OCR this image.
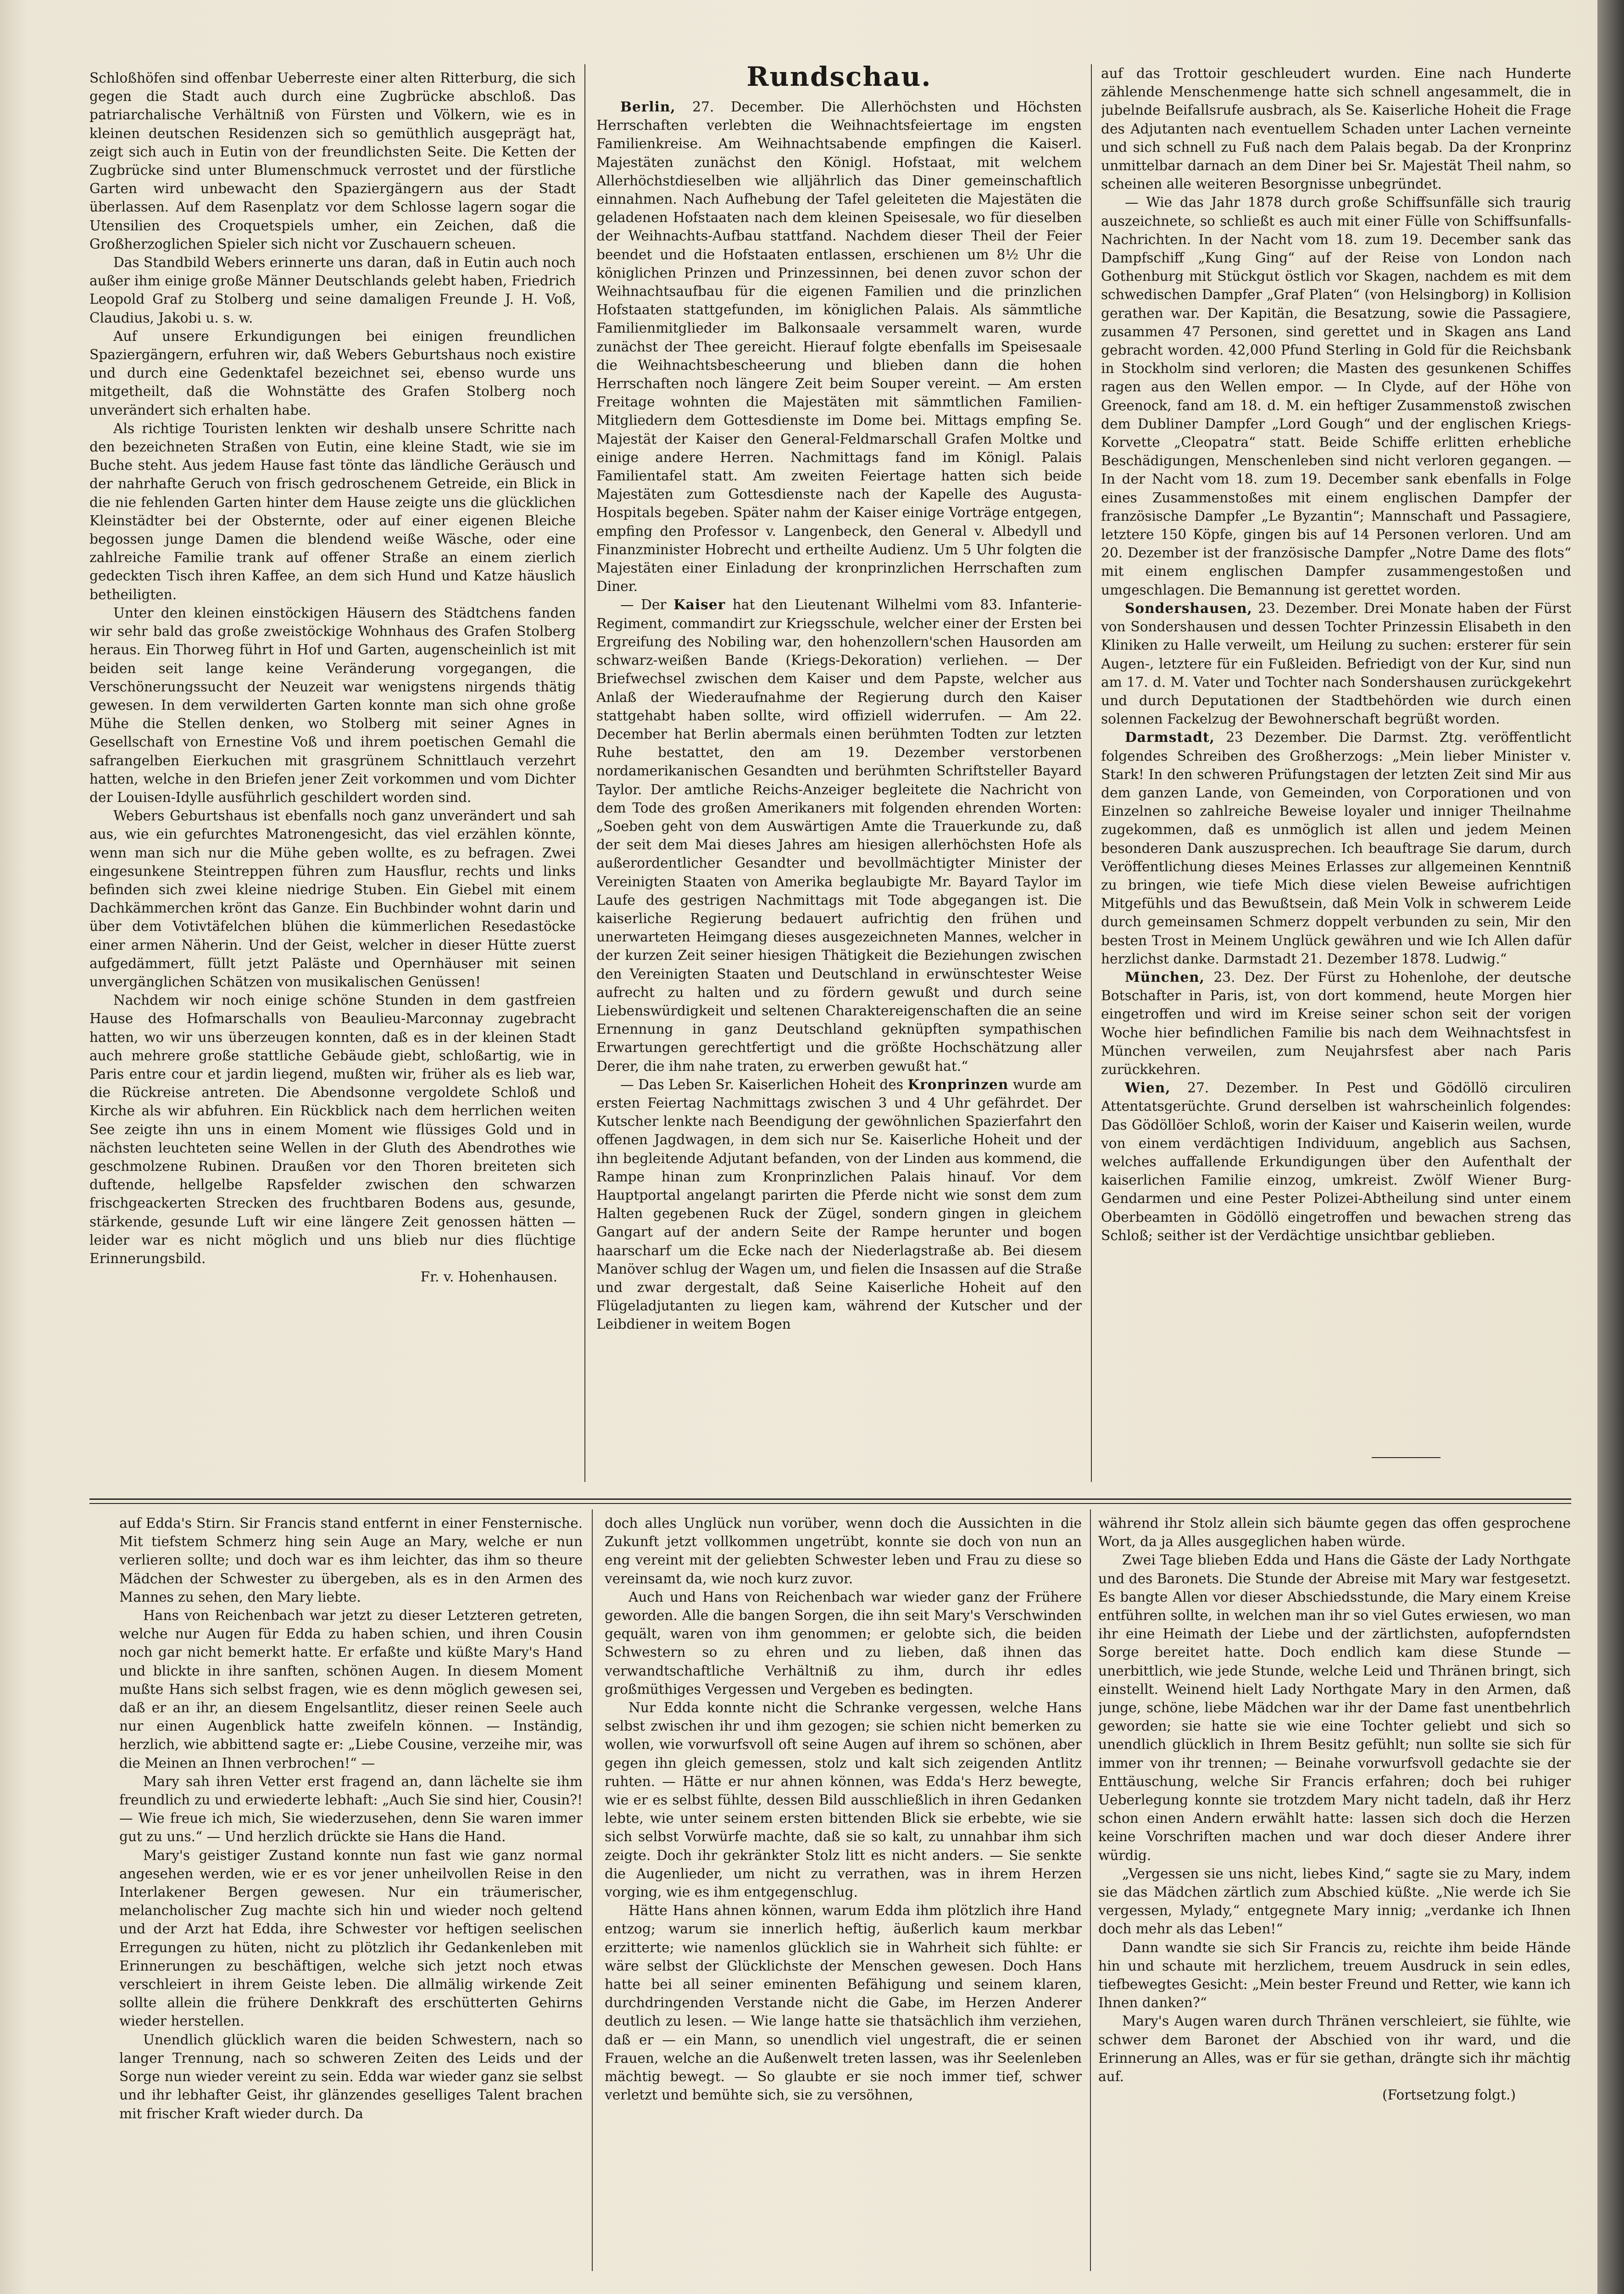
Schloßhöfen sind offenbar Ueberreste einer alten Ritterburg, die sich gegen die Stadt auch durch eine Zugbrücke abschloß. Das patriarchalische Verhältniß von Fürsten und Völkern, wie es in kleinen deutschen Residenzen sich so gemüthlich ausgeprägt hat, zeigt sich auch in Eutin von der freundlichsten Seite. Die Ketten der Zugbrücke sind unter Blumenschmuck verrostet und der fürstliche Garten wird unbewacht den Spaziergängern aus der Stadt überlassen. Auf dem Rasenplatz vor dem Schlosse lagern sogar die Utensilien des Croquetspiels umher, ein Zeichen, daß die Großherzoglichen Spieler sich nicht vor Zuschauern scheuen.

Das Standbild Webers erinnerte uns daran, daß in Eutin auch noch außer ihm einige große Männer Deutschlands gelebt haben, Friedrich Leopold Graf zu Stolberg und seine damaligen Freunde J. H. Voß, Claudius, Jakobi u. s. w.

Auf unsere Erkundigungen bei einigen freundlichen Spaziergängern, erfuhren wir, daß Webers Geburtshaus noch existire und durch eine Gedenktafel bezeichnet sei, ebenso wurde uns mitgetheilt, daß die Wohnstätte des Grafen Stolberg noch unverändert sich erhalten habe.

Als richtige Touristen lenkten wir deshalb unsere Schritte nach den bezeichneten Straßen von Eutin, eine kleine Stadt, wie sie im Buche steht. Aus jedem Hause fast tönte das ländliche Geräusch und der nahrhafte Geruch von frisch gedroschenem Getreide, ein Blick in die nie fehlenden Garten hinter dem Hause zeigte uns die glücklichen Kleinstädter bei der Obsternte, oder auf einer eigenen Bleiche begossen junge Damen die blendend weiße Wäsche, oder eine zahlreiche Familie trank auf offener Straße an einem zierlich gedeckten Tisch ihren Kaffee, an dem sich Hund und Katze häuslich betheiligten.

Unter den kleinen einstöckigen Häusern des Städtchens fanden wir sehr bald das große zweistöckige Wohnhaus des Grafen Stolberg heraus. Ein Thorweg führt in Hof und Garten, augenscheinlich ist mit beiden seit lange keine Veränderung vorgegangen, die Verschönerungssucht der Neuzeit war wenigstens nirgends thätig gewesen. In dem verwilderten Garten konnte man sich ohne große Mühe die Stellen denken, wo Stolberg mit seiner Agnes in Gesellschaft von Ernestine Voß und ihrem poetischen Gemahl die safrangelben Eierkuchen mit grasgrünem Schnittlauch verzehrt hatten, welche in den Briefen jener Zeit vorkommen und vom Dichter der Louisen-Idylle ausführlich geschildert worden sind.

Webers Geburtshaus ist ebenfalls noch ganz unverändert und sah aus, wie ein gefurchtes Matronengesicht, das viel erzählen könnte, wenn man sich nur die Mühe geben wollte, es zu befragen. Zwei eingesunkene Steintreppen führen zum Hausflur, rechts und links befinden sich zwei kleine niedrige Stuben. Ein Giebel mit einem Dachkämmerchen krönt das Ganze. Ein Buchbinder wohnt darin und über dem Votivtäfelchen blühen die kümmerlichen Resedastöcke einer armen Näherin. Und der Geist, welcher in dieser Hütte zuerst aufgedämmert, füllt jetzt Paläste und Opernhäuser mit seinen unvergänglichen Schätzen von musikalischen Genüssen!

Nachdem wir noch einige schöne Stunden in dem gastfreien Hause des Hofmarschalls von Beaulieu-Marconnay zugebracht hatten, wo wir uns überzeugen konnten, daß es in der kleinen Stadt auch mehrere große stattliche Gebäude giebt, schloßartig, wie in Paris entre cour et jardin liegend, mußten wir, früher als es lieb war, die Rückreise antreten. Die Abendsonne vergoldete Schloß und Kirche als wir abfuhren. Ein Rückblick nach dem herrlichen weiten See zeigte ihn uns in einem Moment wie flüssiges Gold und in nächsten leuchteten seine Wellen in der Gluth des Abendrothes wie geschmolzene Rubinen. Draußen vor den Thoren breiteten sich duftende, hellgelbe Rapsfelder zwischen den schwarzen frischgeackerten Strecken des fruchtbaren Bodens aus, gesunde, stärkende, gesunde Luft wir eine längere Zeit genossen hätten — leider war es nicht möglich und uns blieb nur dies flüchtige Erinnerungsbild.

Fr. v. Hohenhausen.

Rundschau.

Berlin, 27. December. Die Allerhöchsten und Höchsten Herrschaften verlebten die Weihnachtsfeiertage im engsten Familienkreise. Am Weihnachtsabende empfingen die Kaiserl. Majestäten zunächst den Königl. Hofstaat, mit welchem Allerhöchstdieselben wie alljährlich das Diner gemeinschaftlich einnahmen. Nach Aufhebung der Tafel geleiteten die Majestäten die geladenen Hofstaaten nach dem kleinen Speisesale, wo für dieselben der Weihnachts-Aufbau stattfand. Nachdem dieser Theil der Feier beendet und die Hofstaaten entlassen, erschienen um 8½ Uhr die königlichen Prinzen und Prinzessinnen, bei denen zuvor schon der Weihnachtsaufbau für die eigenen Familien und die prinzlichen Hofstaaten stattgefunden, im königlichen Palais. Als sämmtliche Familienmitglieder im Balkonsaale versammelt waren, wurde zunächst der Thee gereicht. Hierauf folgte ebenfalls im Speisesaale die Weihnachtsbescheerung und blieben dann die hohen Herrschaften noch längere Zeit beim Souper vereint. — Am ersten Freitage wohnten die Majestäten mit sämmtlichen Familien-Mitgliedern dem Gottesdienste im Dome bei. Mittags empfing Se. Majestät der Kaiser den General-Feldmarschall Grafen Moltke und einige andere Herren. Nachmittags fand im Königl. Palais Familientafel statt. Am zweiten Feiertage hatten sich beide Majestäten zum Gottesdienste nach der Kapelle des Augusta-Hospitals begeben. Später nahm der Kaiser einige Vorträge entgegen, empfing den Professor v. Langenbeck, den General v. Albedyll und Finanzminister Hobrecht und ertheilte Audienz. Um 5 Uhr folgten die Majestäten einer Einladung der kronprinzlichen Herrschaften zum Diner.

— Der Kaiser hat den Lieutenant Wilhelmi vom 83. Infanterie-Regiment, commandirt zur Kriegsschule, welcher einer der Ersten bei Ergreifung des Nobiling war, den hohenzollern'schen Hausorden am schwarz-weißen Bande (Kriegs-Dekoration) verliehen. — Der Briefwechsel zwischen dem Kaiser und dem Papste, welcher aus Anlaß der Wiederaufnahme der Regierung durch den Kaiser stattgehabt haben sollte, wird offiziell widerrufen. — Am 22. December hat Berlin abermals einen berühmten Todten zur letzten Ruhe bestattet, den am 19. Dezember verstorbenen nordamerikanischen Gesandten und berühmten Schriftsteller Bayard Taylor. Der amtliche Reichs-Anzeiger begleitete die Nachricht von dem Tode des großen Amerikaners mit folgenden ehrenden Worten: „Soeben geht von dem Auswärtigen Amte die Trauerkunde zu, daß der seit dem Mai dieses Jahres am hiesigen allerhöchsten Hofe als außerordentlicher Gesandter und bevollmächtigter Minister der Vereinigten Staaten von Amerika beglaubigte Mr. Bayard Taylor im Laufe des gestrigen Nachmittags mit Tode abgegangen ist. Die kaiserliche Regierung bedauert aufrichtig den frühen und unerwarteten Heimgang dieses ausgezeichneten Mannes, welcher in der kurzen Zeit seiner hiesigen Thätigkeit die Beziehungen zwischen den Vereinigten Staaten und Deutschland in erwünschtester Weise aufrecht zu halten und zu fördern gewußt und durch seine Liebenswürdigkeit und seltenen Charaktereigenschaften die an seine Ernennung in ganz Deutschland geknüpften sympathischen Erwartungen gerechtfertigt und die größte Hochschätzung aller Derer, die ihm nahe traten, zu erwerben gewußt hat.“

— Das Leben Sr. Kaiserlichen Hoheit des Kronprinzen wurde am ersten Feiertag Nachmittags zwischen 3 und 4 Uhr gefährdet. Der Kutscher lenkte nach Beendigung der gewöhnlichen Spazierfahrt den offenen Jagdwagen, in dem sich nur Se. Kaiserliche Hoheit und der ihn begleitende Adjutant befanden, von der Linden aus kommend, die Rampe hinan zum Kronprinzlichen Palais hinauf. Vor dem Hauptportal angelangt parirten die Pferde nicht wie sonst dem zum Halten gegebenen Ruck der Zügel, sondern gingen in gleichem Gangart auf der andern Seite der Rampe herunter und bogen haarscharf um die Ecke nach der Niederlagstraße ab. Bei diesem Manöver schlug der Wagen um, und fielen die Insassen auf die Straße und zwar dergestalt, daß Seine Kaiserliche Hoheit auf den Flügeladjutanten zu liegen kam, während der Kutscher und der Leibdiener in weitem Bogen

auf das Trottoir geschleudert wurden. Eine nach Hunderte zählende Menschenmenge hatte sich schnell angesammelt, die in jubelnde Beifallsrufe ausbrach, als Se. Kaiserliche Hoheit die Frage des Adjutanten nach eventuellem Schaden unter Lachen verneinte und sich schnell zu Fuß nach dem Palais begab. Da der Kronprinz unmittelbar darnach an dem Diner bei Sr. Majestät Theil nahm, so scheinen alle weiteren Besorgnisse unbegründet.

— Wie das Jahr 1878 durch große Schiffsunfälle sich traurig auszeichnete, so schließt es auch mit einer Fülle von Schiffsunfalls-Nachrichten. In der Nacht vom 18. zum 19. December sank das Dampfschiff „Kung Ging“ auf der Reise von London nach Gothenburg mit Stückgut östlich vor Skagen, nachdem es mit dem schwedischen Dampfer „Graf Platen“ (von Helsingborg) in Kollision gerathen war. Der Kapitän, die Besatzung, sowie die Passagiere, zusammen 47 Personen, sind gerettet und in Skagen ans Land gebracht worden. 42,000 Pfund Sterling in Gold für die Reichsbank in Stockholm sind verloren; die Masten des gesunkenen Schiffes ragen aus den Wellen empor. — In Clyde, auf der Höhe von Greenock, fand am 18. d. M. ein heftiger Zusammenstoß zwischen dem Dubliner Dampfer „Lord Gough“ und der englischen Kriegs-Korvette „Cleopatra“ statt. Beide Schiffe erlitten erhebliche Beschädigungen, Menschenleben sind nicht verloren gegangen. — In der Nacht vom 18. zum 19. December sank ebenfalls in Folge eines Zusammenstoßes mit einem englischen Dampfer der französische Dampfer „Le Byzantin“; Mannschaft und Passagiere, letztere 150 Köpfe, gingen bis auf 14 Personen verloren. Und am 20. Dezember ist der französische Dampfer „Notre Dame des flots“ mit einem englischen Dampfer zusammengestoßen und umgeschlagen. Die Bemannung ist gerettet worden.

Sondershausen, 23. Dezember. Drei Monate haben der Fürst von Sondershausen und dessen Tochter Prinzessin Elisabeth in den Kliniken zu Halle verweilt, um Heilung zu suchen: ersterer für sein Augen-, letztere für ein Fußleiden. Befriedigt von der Kur, sind nun am 17. d. M. Vater und Tochter nach Sondershausen zurückgekehrt und durch Deputationen der Stadtbehörden wie durch einen solennen Fackelzug der Bewohnerschaft begrüßt worden.

Darmstadt, 23 Dezember. Die Darmst. Ztg. veröffentlicht folgendes Schreiben des Großherzogs: „Mein lieber Minister v. Stark! In den schweren Prüfungstagen der letzten Zeit sind Mir aus dem ganzen Lande, von Gemeinden, von Corporationen und von Einzelnen so zahlreiche Beweise loyaler und inniger Theilnahme zugekommen, daß es unmöglich ist allen und jedem Meinen besonderen Dank auszusprechen. Ich beauftrage Sie darum, durch Veröffentlichung dieses Meines Erlasses zur allgemeinen Kenntniß zu bringen, wie tiefe Mich diese vielen Beweise aufrichtigen Mitgefühls und das Bewußtsein, daß Mein Volk in schwerem Leide durch gemeinsamen Schmerz doppelt verbunden zu sein, Mir den besten Trost in Meinem Unglück gewähren und wie Ich Allen dafür herzlichst danke. Darmstadt 21. Dezember 1878. Ludwig.“

München, 23. Dez. Der Fürst zu Hohenlohe, der deutsche Botschafter in Paris, ist, von dort kommend, heute Morgen hier eingetroffen und wird im Kreise seiner schon seit der vorigen Woche hier befindlichen Familie bis nach dem Weihnachtsfest in München verweilen, zum Neujahrsfest aber nach Paris zurückkehren.

Wien, 27. Dezember. In Pest und Gödöllö circuliren Attentatsgerüchte. Grund derselben ist wahrscheinlich folgendes: Das Gödöllöer Schloß, worin der Kaiser und Kaiserin weilen, wurde von einem verdächtigen Individuum, angeblich aus Sachsen, welches auffallende Erkundigungen über den Aufenthalt der kaiserlichen Familie einzog, umkreist. Zwölf Wiener Burg-Gendarmen und eine Pester Polizei-Abtheilung sind unter einem Oberbeamten in Gödöllö eingetroffen und bewachen streng das Schloß; seither ist der Verdächtige unsichtbar geblieben.

auf Edda's Stirn. Sir Francis stand entfernt in einer Fensternische. Mit tiefstem Schmerz hing sein Auge an Mary, welche er nun verlieren sollte; und doch war es ihm leichter, das ihm so theure Mädchen der Schwester zu übergeben, als es in den Armen des Mannes zu sehen, den Mary liebte.

Hans von Reichenbach war jetzt zu dieser Letzteren getreten, welche nur Augen für Edda zu haben schien, und ihren Cousin noch gar nicht bemerkt hatte. Er erfaßte und küßte Mary's Hand und blickte in ihre sanften, schönen Augen. In diesem Moment mußte Hans sich selbst fragen, wie es denn möglich gewesen sei, daß er an ihr, an diesem Engelsantlitz, dieser reinen Seele auch nur einen Augenblick hatte zweifeln können. — Inständig, herzlich, wie abbittend sagte er: „Liebe Cousine, verzeihe mir, was die Meinen an Ihnen verbrochen!“ —

Mary sah ihren Vetter erst fragend an, dann lächelte sie ihm freundlich zu und erwiederte lebhaft: „Auch Sie sind hier, Cousin?! — Wie freue ich mich, Sie wiederzusehen, denn Sie waren immer gut zu uns.“ — Und herzlich drückte sie Hans die Hand.

Mary's geistiger Zustand konnte nun fast wie ganz normal angesehen werden, wie er es vor jener unheilvollen Reise in den Interlakener Bergen gewesen. Nur ein träumerischer, melancholischer Zug machte sich hin und wieder noch geltend und der Arzt hat Edda, ihre Schwester vor heftigen seelischen Erregungen zu hüten, nicht zu plötzlich ihr Gedankenleben mit Erinnerungen zu beschäftigen, welche sich jetzt noch etwas verschleiert in ihrem Geiste leben. Die allmälig wirkende Zeit sollte allein die frühere Denkkraft des erschütterten Gehirns wieder herstellen.

Unendlich glücklich waren die beiden Schwestern, nach so langer Trennung, nach so schweren Zeiten des Leids und der Sorge nun wieder vereint zu sein. Edda war wieder ganz sie selbst und ihr lebhafter Geist, ihr glänzendes geselliges Talent brachen mit frischer Kraft wieder durch. Da

doch alles Unglück nun vorüber, wenn doch die Aussichten in die Zukunft jetzt vollkommen ungetrübt, konnte sie doch von nun an eng vereint mit der geliebten Schwester leben und Frau zu diese so vereinsamt da, wie noch kurz zuvor.

Auch und Hans von Reichenbach war wieder ganz der Frühere geworden. Alle die bangen Sorgen, die ihn seit Mary's Verschwinden gequält, waren von ihm genommen; er gelobte sich, die beiden Schwestern so zu ehren und zu lieben, daß ihnen das verwandtschaftliche Verhältniß zu ihm, durch ihr edles großmüthiges Vergessen und Vergeben es bedingten.

Nur Edda konnte nicht die Schranke vergessen, welche Hans selbst zwischen ihr und ihm gezogen; sie schien nicht bemerken zu wollen, wie vorwurfsvoll oft seine Augen auf ihrem so schönen, aber gegen ihn gleich gemessen, stolz und kalt sich zeigenden Antlitz ruhten. — Hätte er nur ahnen können, was Edda's Herz bewegte, wie er es selbst fühlte, dessen Bild ausschließlich in ihren Gedanken lebte, wie unter seinem ersten bittenden Blick sie erbebte, wie sie sich selbst Vorwürfe machte, daß sie so kalt, zu unnahbar ihm sich zeigte. Doch ihr gekränkter Stolz litt es nicht anders. — Sie senkte die Augenlieder, um nicht zu verrathen, was in ihrem Herzen vorging, wie es ihm entgegenschlug.

Hätte Hans ahnen können, warum Edda ihm plötzlich ihre Hand entzog; warum sie innerlich heftig, äußerlich kaum merkbar erzitterte; wie namenlos glücklich sie in Wahrheit sich fühlte: er wäre selbst der Glücklichste der Menschen gewesen. Doch Hans hatte bei all seiner eminenten Befähigung und seinem klaren, durchdringenden Verstande nicht die Gabe, im Herzen Anderer deutlich zu lesen. — Wie lange hatte sie thatsächlich ihm verziehen, daß er — ein Mann, so unendlich viel ungestraft, die er seinen Frauen, welche an die Außenwelt treten lassen, was ihr Seelenleben mächtig bewegt. — So glaubte er sie noch immer tief, schwer verletzt und bemühte sich, sie zu versöhnen,

während ihr Stolz allein sich bäumte gegen das offen gesprochene Wort, da ja Alles ausgeglichen haben würde.

Zwei Tage blieben Edda und Hans die Gäste der Lady Northgate und des Baronets. Die Stunde der Abreise mit Mary war festgesetzt. Es bangte Allen vor dieser Abschiedsstunde, die Mary einem Kreise entführen sollte, in welchen man ihr so viel Gutes erwiesen, wo man ihr eine Heimath der Liebe und der zärtlichsten, aufopferndsten Sorge bereitet hatte. Doch endlich kam diese Stunde — unerbittlich, wie jede Stunde, welche Leid und Thränen bringt, sich einstellt. Weinend hielt Lady Northgate Mary in den Armen, daß junge, schöne, liebe Mädchen war ihr der Dame fast unentbehrlich geworden; sie hatte sie wie eine Tochter geliebt und sich so unendlich glücklich in Ihrem Besitz gefühlt; nun sollte sie sich für immer von ihr trennen; — Beinahe vorwurfsvoll gedachte sie der Enttäuschung, welche Sir Francis erfahren; doch bei ruhiger Ueberlegung konnte sie trotzdem Mary nicht tadeln, daß ihr Herz schon einen Andern erwählt hatte: lassen sich doch die Herzen keine Vorschriften machen und war doch dieser Andere ihrer würdig.

„Vergessen sie uns nicht, liebes Kind,“ sagte sie zu Mary, indem sie das Mädchen zärtlich zum Abschied küßte. „Nie werde ich Sie vergessen, Mylady,“ entgegnete Mary innig; „verdanke ich Ihnen doch mehr als das Leben!“

Dann wandte sie sich Sir Francis zu, reichte ihm beide Hände hin und schaute mit herzlichem, treuem Ausdruck in sein edles, tiefbewegtes Gesicht: „Mein bester Freund und Retter, wie kann ich Ihnen danken?“

Mary's Augen waren durch Thränen verschleiert, sie fühlte, wie schwer dem Baronet der Abschied von ihr ward, und die Erinnerung an Alles, was er für sie gethan, drängte sich ihr mächtig auf.

(Fortsetzung folgt.)
